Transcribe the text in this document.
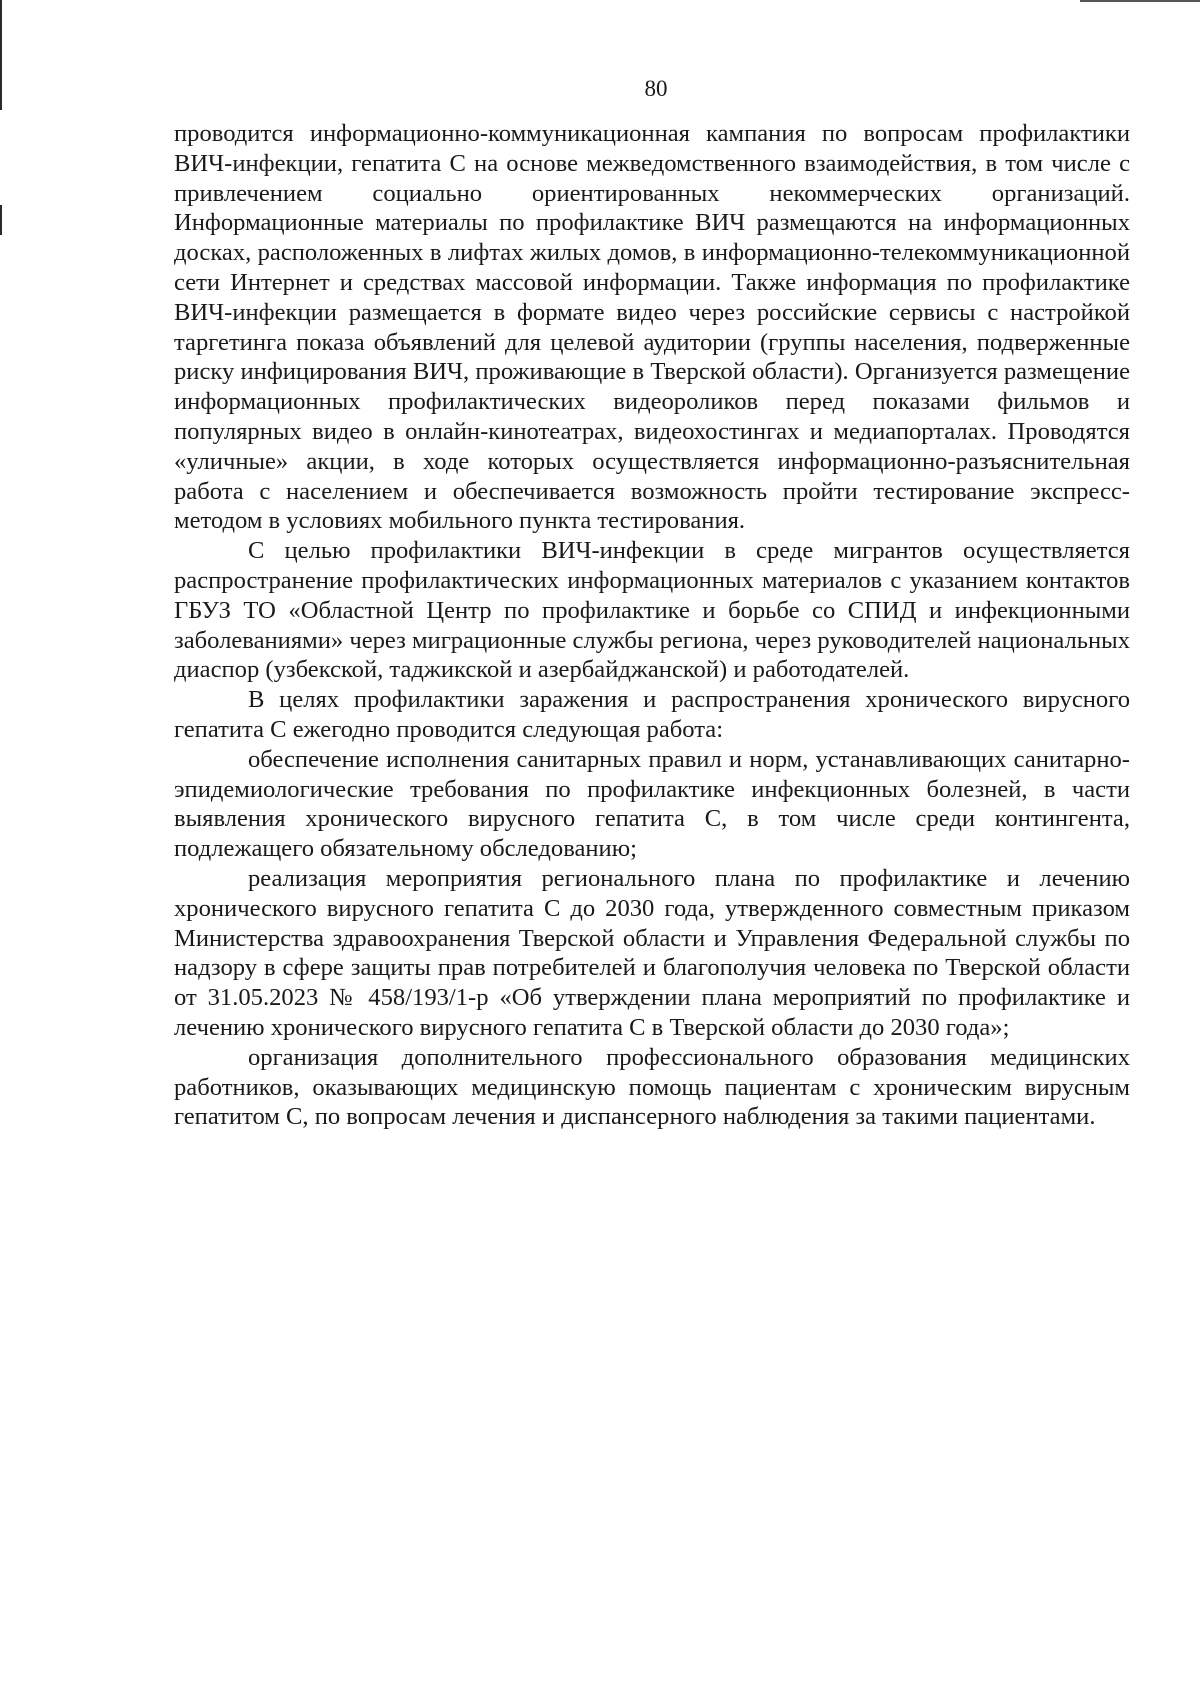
80

проводится информационно-коммуникационная кампания по вопросам профилактики ВИЧ-инфекции, гепатита С на основе межведомственного взаимодействия, в том числе с привлечением социально ориентированных некоммерческих организаций. Информационные материалы по профилактике ВИЧ размещаются на информационных досках, расположенных в лифтах жилых домов, в информационно-телекоммуникационной сети Интернет и средствах массовой информации. Также информация по профилактике ВИЧ-инфекции размещается в формате видео через российские сервисы с настройкой таргетинга показа объявлений для целевой аудитории (группы населения, подверженные риску инфицирования ВИЧ, проживающие в Тверской области). Организуется размещение информационных профилактических видеороликов перед показами фильмов и популярных видео в онлайн-кинотеатрах, видеохостингах и медиапорталах. Проводятся «уличные» акции, в ходе которых осуществляется информационно-разъяснительная работа с населением и обеспечивается возможность пройти тестирование экспресс-методом в условиях мобильного пункта тестирования.

С целью профилактики ВИЧ-инфекции в среде мигрантов осуществляется распространение профилактических информационных материалов с указанием контактов ГБУЗ ТО «Областной Центр по профилактике и борьбе со СПИД и инфекционными заболеваниями» через миграционные службы региона, через руководителей национальных диаспор (узбекской, таджикской и азербайджанской) и работодателей.

В целях профилактики заражения и распространения хронического вирусного гепатита С ежегодно проводится следующая работа:

обеспечение исполнения санитарных правил и норм, устанавливающих санитарно-эпидемиологические требования по профилактике инфекционных болезней, в части выявления хронического вирусного гепатита С, в том числе среди контингента, подлежащего обязательному обследованию;

реализация мероприятия регионального плана по профилактике и лечению хронического вирусного гепатита С до 2030 года, утвержденного совместным приказом Министерства здравоохранения Тверской области и Управления Федеральной службы по надзору в сфере защиты прав потребителей и благополучия человека по Тверской области от 31.05.2023 № 458/193/1-р «Об утверждении плана мероприятий по профилактике и лечению хронического вирусного гепатита С в Тверской области до 2030 года»;

организация дополнительного профессионального образования медицинских работников, оказывающих медицинскую помощь пациентам с хроническим вирусным гепатитом С, по вопросам лечения и диспансерного наблюдения за такими пациентами.
